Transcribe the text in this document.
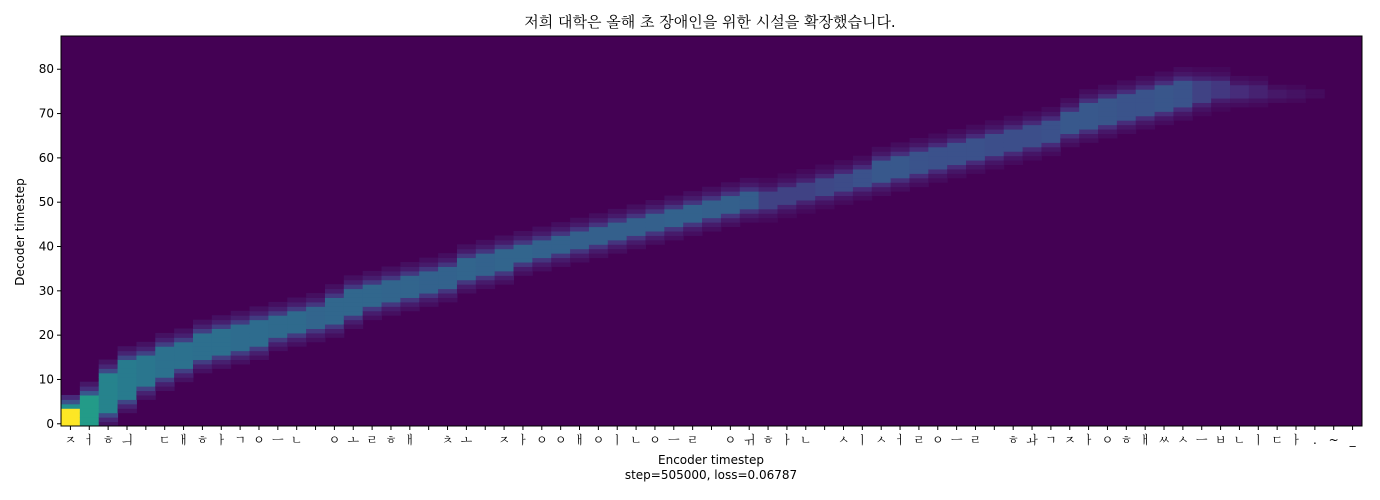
0
10
20
30
40
50
60
70
80
ㅈ ㅓ ㅎ ㅢ ㄷ ㅐ ㅎ ㅏ ㄱ ㅇ ㅡ ㄴ ㅇ ㅗ ㄹ ㅎ ㅐ ㅊ ㅗ ㅈ ㅏ ㅇ ㅇ ㅐ ㅇ ㅣ ㄴ ㅇ ㅡ ㄹ ㅇ ㅟ ㅎ ㅏ ㄴ ㅅ ㅣ ㅅ ㅓ ㄹ ㅇ ㅡ ㄹ ㅎ ㅘ ㄱ ㅈ ㅏ ㅇ ㅎ ㅐ ㅆ ㅅ ㅡ ㅂ ㄴ ㅣ ㄷ ㅏ . ~ _
저희 대학은 올해 초 장애인을 위한 시설을 확장했습니다.
Decoder timestep
Encoder timestep
step=505000, loss=0.06787
